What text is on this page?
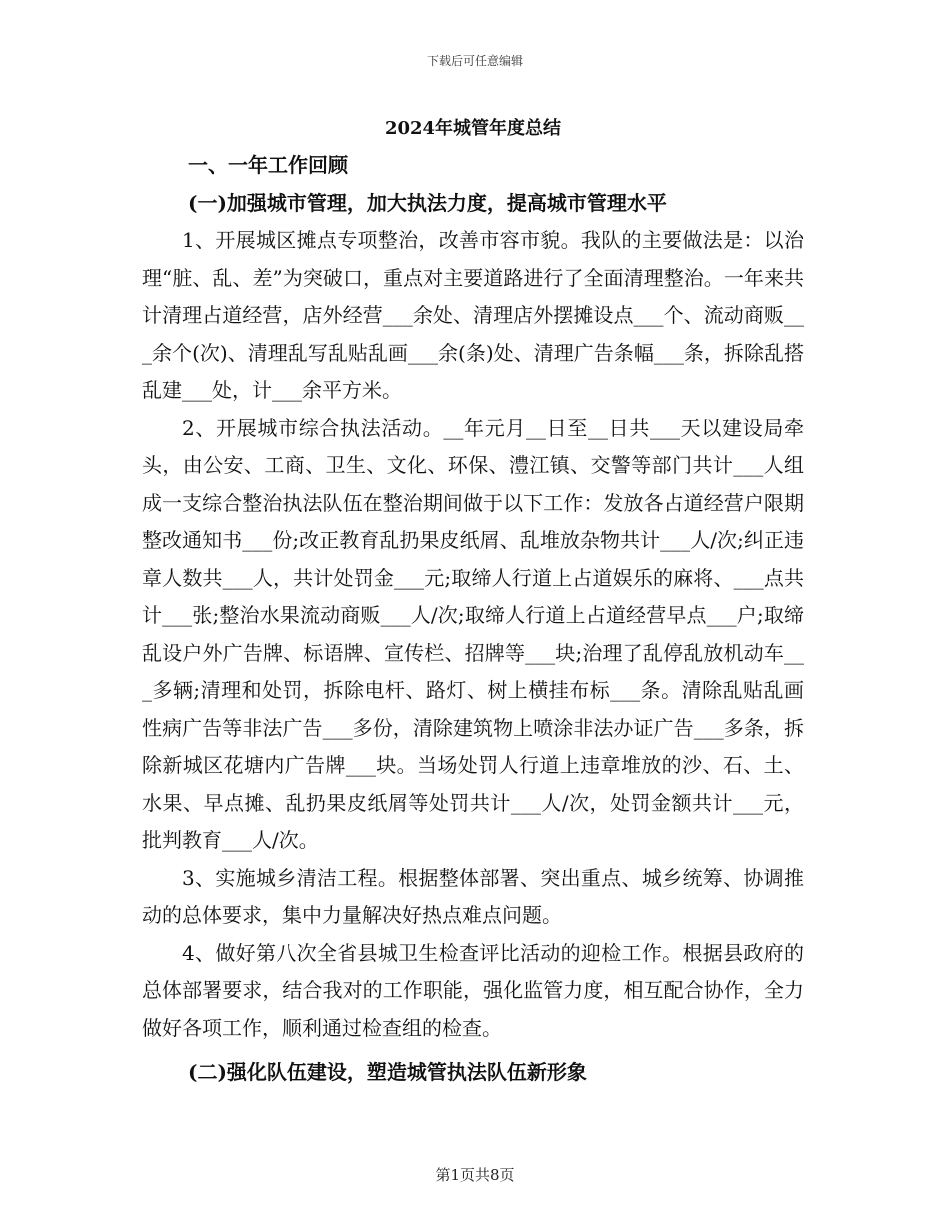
下载后可任意编辑
2024年城管年度总结
一、一年工作回顾
(一)加强城市管理，加大执法力度，提高城市管理水平

1、开展城区摊点专项整治，改善市容市貌。我队的主要做法是：以治理“脏、乱、差”为突破口，重点对主要道路进行了全面清理整治。一年来共计清理占道经营，店外经营___余处、清理店外摆摊设点___个、流动商贩___余个(次)、清理乱写乱贴乱画___余(条)处、清理广告条幅___条，拆除乱搭乱建___处，计___余平方米。

2、开展城市综合执法活动。__年元月__日至__日共___天以建设局牵头，由公安、工商、卫生、文化、环保、澧江镇、交警等部门共计___人组成一支综合整治执法队伍在整治期间做于以下工作：发放各占道经营户限期整改通知书___份;改正教育乱扔果皮纸屑、乱堆放杂物共计___人/次;纠正违章人数共___人，共计处罚金___元;取缔人行道上占道娱乐的麻将、___点共计___张;整治水果流动商贩___人/次;取缔人行道上占道经营早点___户;取缔乱设户外广告牌、标语牌、宣传栏、招牌等___块;治理了乱停乱放机动车___多辆;清理和处罚，拆除电杆、路灯、树上横挂布标___条。清除乱贴乱画性病广告等非法广告___多份，清除建筑物上喷涂非法办证广告___多条，拆除新城区花塘内广告牌___块。当场处罚人行道上违章堆放的沙、石、土、水果、早点摊、乱扔果皮纸屑等处罚共计___人/次，处罚金额共计___元，批判教育___人/次。

3、实施城乡清洁工程。根据整体部署、突出重点、城乡统筹、协调推动的总体要求，集中力量解决好热点难点问题。

4、做好第八次全省县城卫生检查评比活动的迎检工作。根据县政府的总体部署要求，结合我对的工作职能，强化监管力度，相互配合协作，全力做好各项工作，顺利通过检查组的检查。

(二)强化队伍建设，塑造城管执法队伍新形象
第1页共8页
